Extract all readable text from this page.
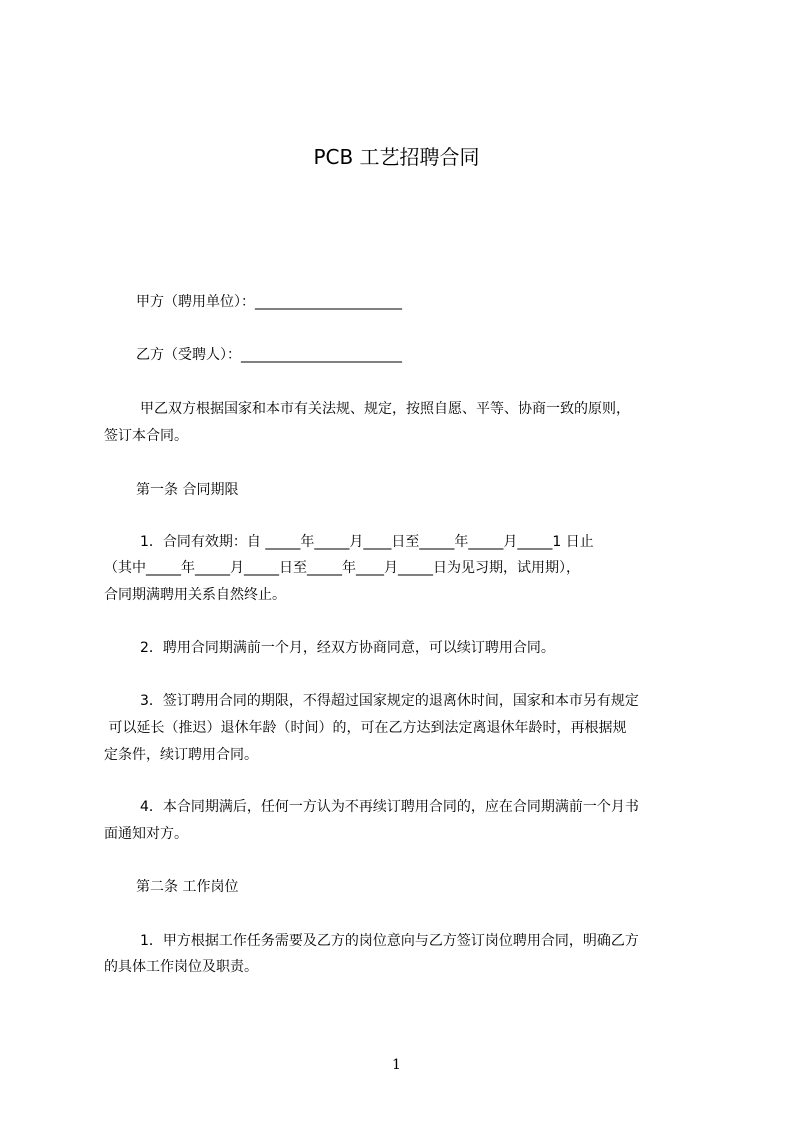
PCB 工艺招聘合同
甲方（聘用单位）：_____________________
乙方（受聘人）：_______________________
甲乙双方根据国家和本市有关法规、规定，按照自愿、平等、协商一致的原则，
签订本合同。
第一条 合同期限
1．合同有效期：自 _____年_____月____日至_____年_____月_____1 日止
（其中_____年_____月_____日至_____年____月_____日为见习期，试用期），
合同期满聘用关系自然终止。
2．聘用合同期满前一个月，经双方协商同意，可以续订聘用合同。
3．签订聘用合同的期限，不得超过国家规定的退离休时间，国家和本市另有规定
可以延长（推迟）退休年龄（时间）的，可在乙方达到法定离退休年龄时，再根据规
定条件，续订聘用合同。
4．本合同期满后，任何一方认为不再续订聘用合同的，应在合同期满前一个月书
面通知对方。
第二条 工作岗位
1．甲方根据工作任务需要及乙方的岗位意向与乙方签订岗位聘用合同，明确乙方
的具体工作岗位及职责。
1
